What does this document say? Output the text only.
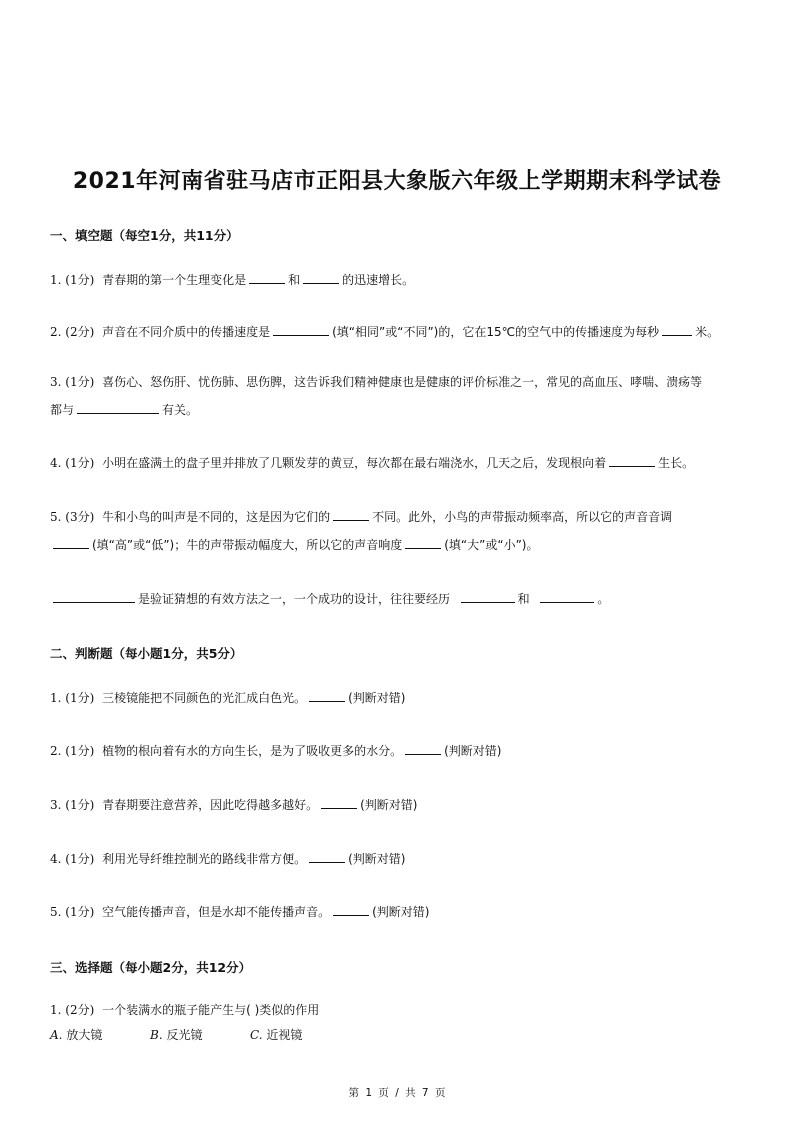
2021年河南省驻马店市正阳县大象版六年级上学期期末科学试卷
一、填空题（每空1分，共11分）
1. (1分) 青春期的第一个生理变化是	和	的迅速增长。
2. (2分) 声音在不同介质中的传播速度是	(填“相同”或“不同”)的，它在15℃的空气中的传播速度为每秒	米。
3. (1分) 喜伤心、怒伤肝、忧伤肺、思伤脾，这告诉我们精神健康也是健康的评价标准之一，常见的高血压、哮喘、溃疡等
都与	有关。
4. (1分) 小明在盛满土的盘子里并排放了几颗发芽的黄豆，每次都在最右端浇水，几天之后，发现根向着	生长。
5. (3分) 牛和小鸟的叫声是不同的，这是因为它们的	不同。此外，小鸟的声带振动频率高，所以它的声音音调
(填“高”或“低”)；牛的声带振动幅度大，所以它的声音响度	(填“大”或“小”)。
是验证猜想的有效方法之一，一个成功的设计，往往要经历	和	。
二、判断题（每小题1分，共5分）
1. (1分) 三棱镜能把不同颜色的光汇成白色光。	(判断对错)
2. (1分) 植物的根向着有水的方向生长，是为了吸收更多的水分。	(判断对错)
3. (1分) 青春期要注意营养，因此吃得越多越好。	(判断对错)
4. (1分) 利用光导纤维控制光的路线非常方便。	(判断对错)
5. (1分) 空气能传播声音，但是水却不能传播声音。	(判断对错)
三、选择题（每小题2分，共12分）
1. (2分) 一个装满水的瓶子能产生与( )类似的作用
A. 放大镜	B. 反光镜	C. 近视镜
第 1 页 / 共 7 页
